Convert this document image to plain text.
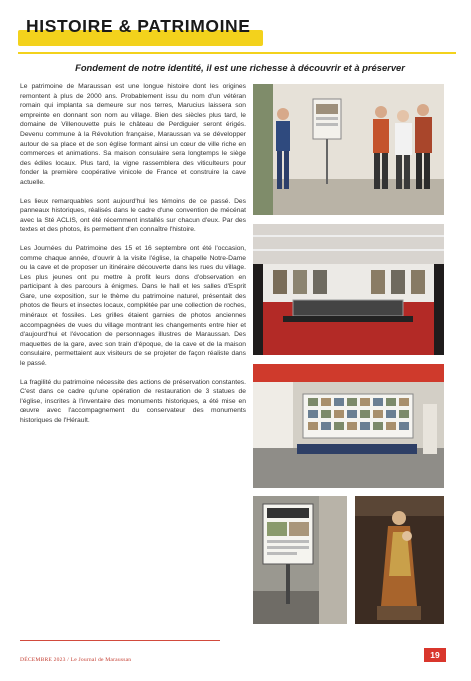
HISTOIRE & PATRIMOINE
Fondement de notre identité, il est une richesse à découvrir et à préserver

Le patrimoine de Maraussan est une longue histoire dont les origines remontent à plus de 2000 ans. Probablement issu du nom d'un vétéran romain qui implanta sa demeure sur nos terres, Marucius laissera son empreinte en donnant son nom au village. Bien des siècles plus tard, le domaine de Villenouvette puis le château de Perdiguier seront érigés. Devenu commune à la Révolution française, Maraussan va se développer autour de sa place et de son église formant ainsi un cœur de ville riche en commerces et animations. Sa maison consulaire sera longtemps le siège des édiles locaux. Plus tard, la vigne rassemblera des viticulteurs pour fonder la première coopérative vinicole de France et construire la cave actuelle.

Les lieux remarquables sont aujourd'hui les témoins de ce passé. Des panneaux historiques, réalisés dans le cadre d'une convention de mécénat avec la Sté ACLIS, ont été récemment installés sur chacun d'eux. Par des textes et des photos, ils permettent d'en connaître l'histoire.

Les Journées du Patrimoine des 15 et 16 septembre ont été l'occasion, comme chaque année, d'ouvrir à la visite l'église, la chapelle Notre-Dame ou la cave et de proposer un itinéraire découverte dans les rues du village. Les plus jeunes ont pu mettre à profit leurs dons d'observation en participant à des parcours à énigmes. Dans le hall et les salles d'Esprit Gare, une exposition, sur le thème du patrimoine naturel, présentait des photos de fleurs et insectes locaux, complétée par une collection de roches, minéraux et fossiles. Les grilles étaient garnies de photos anciennes accompagnées de vues du village montrant les changements entre hier et d'aujourd'hui et l'évocation de personnages illustres de Maraussan. Des maquettes de la gare, avec son train d'époque, de la cave et de la maison consulaire, permettaient aux visiteurs de se projeter de façon réaliste dans le passé.

La fragilité du patrimoine nécessite des actions de préservation constantes. C'est dans ce cadre qu'une opération de restauration de 3 statues de l'église, inscrites à l'inventaire des monuments historiques, a été mise en œuvre avec l'accompagnement du conservateur des monuments historiques de l'Hérault.

DÉCEMBRE 2023 / Le Journal de Maraussan	19
